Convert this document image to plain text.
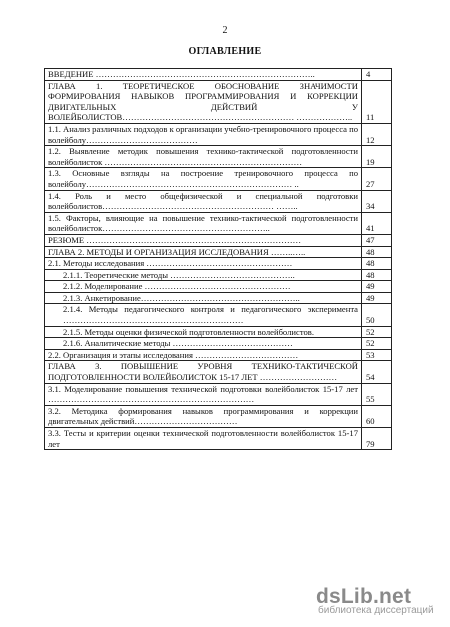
2
ОГЛАВЛЕНИЕ
ВВЕДЕНИЕ …………………………………………………………………..	4
ГЛАВА 1. ТЕОРЕТИЧЕСКОЕ ОБОСНОВАНИЕ ЗНАЧИМОСТИ ФОРМИРОВАНИЯ НАВЫКОВ ПРОГРАММИРОВАНИЯ И КОРРЕКЦИИ ДВИГАТЕЛЬНЫХ ДЕЙСТВИЙ У ВОЛЕЙБОЛИСТОВ…………………………………………………… ………………..	11
1.1. Анализ различных подходов к организации учебно-тренировочного процесса по волейболу…………………………………	12
1.2. Выявление методик повышения технико-тактической подготовленности волейболисток ……………………………………………………………	19
1.3. Основные взгляды на построение тренировочного процесса по волейболу……………………………………………………………… ..	27
1.4. Роль и место общефизической и специальной подготовки волейболистов…………………………………………………… ……..	34
1.5. Факторы, влияющие на повышение технико-тактической подготовленности волейболисток…………………………………………………..	41
РЕЗЮМЕ …………………………………………………………………	47
ГЛАВА 2. МЕТОДЫ И ОРГАНИЗАЦИЯ ИССЛЕДОВАНИЯ ……..…..	48
2.1. Методы исследования ……………………………………………	48
2.1.1. Теоретические методы ……………………………………..	48
2.1.2. Моделирование ……………………………………………	49
2.1.3. Анкетирование………………………………………………..	49
2.1.4. Методы педагогического контроля и педагогического эксперимента ………………………………………………………	50
2.1.5. Методы оценки физической подготовленности волейболистов.	52
2.1.6. Аналитические методы ……………………………………	52
2.2. Организация и этапы исследования ………………………………	53
ГЛАВА 3. ПОВЫШЕНИЕ УРОВНЯ ТЕХНИКО-ТАКТИЧЕСКОЙ ПОДГОТОВЛЕННОСТИ ВОЛЕЙБОЛИСТОК 15-17 ЛЕТ ………………………	54
3.1. Моделирование повышения технической подготовки волейболисток 15-17 лет ………………………………………………………………	55
3.2. Методика формирования навыков программирования и коррекции двигательных действий………………………………	60
3.3. Тесты и критерии оценки технической подготовленности волейболисток 15-17 лет	79
dsLib.net
библиотека диссертаций
